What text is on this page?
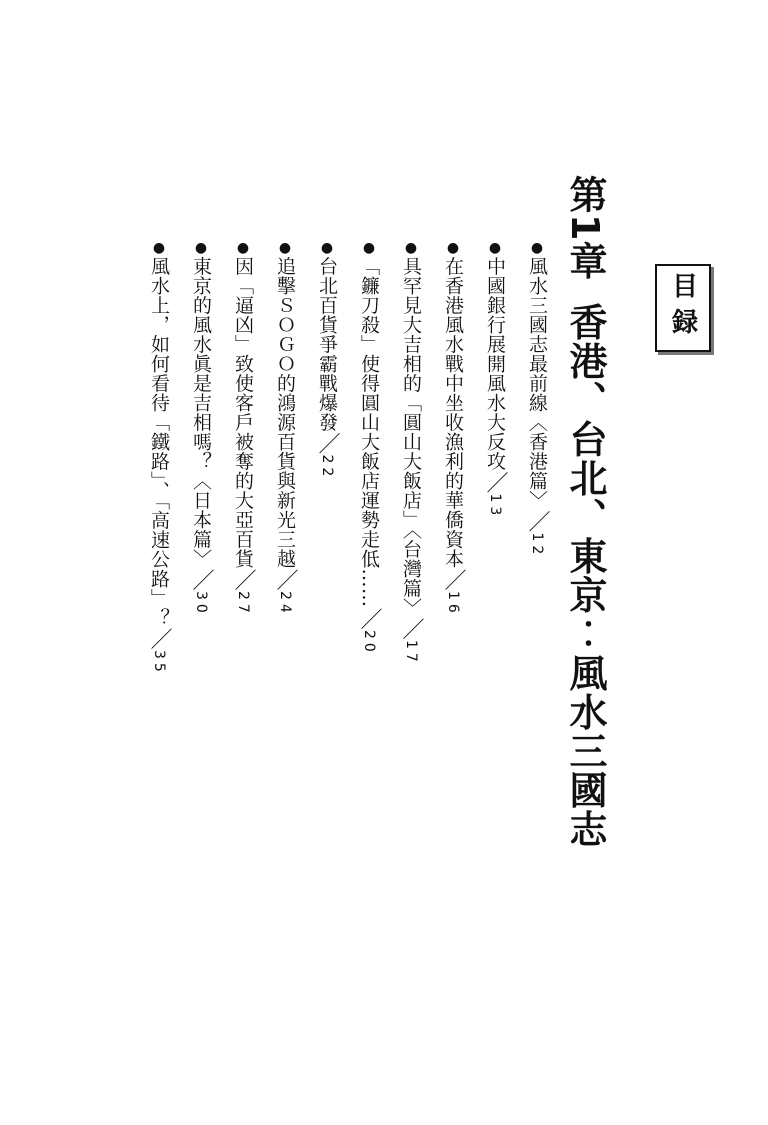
目録
第1章香港、台北、東京︰風水三國志
●風水三國志最前線〈香港篇〉／12
●中國銀行展開風水大反攻／13
●在香港風水戰中坐收漁利的華僑資本／16
●具罕見大吉相的「圓山大飯店」〈台灣篇〉／17
●「鐮刀殺」使得圓山大飯店運勢走低……／20
●台北百貨爭霸戰爆發／22
●追擊ＳＯＧＯ的鴻源百貨與新光三越／24
●因「逼凶」致使客戶被奪的大亞百貨／27
●東京的風水眞是吉相嗎？〈日本篇〉／30
●風水上，如何看待「鐵路」、「高速公路」？／35
